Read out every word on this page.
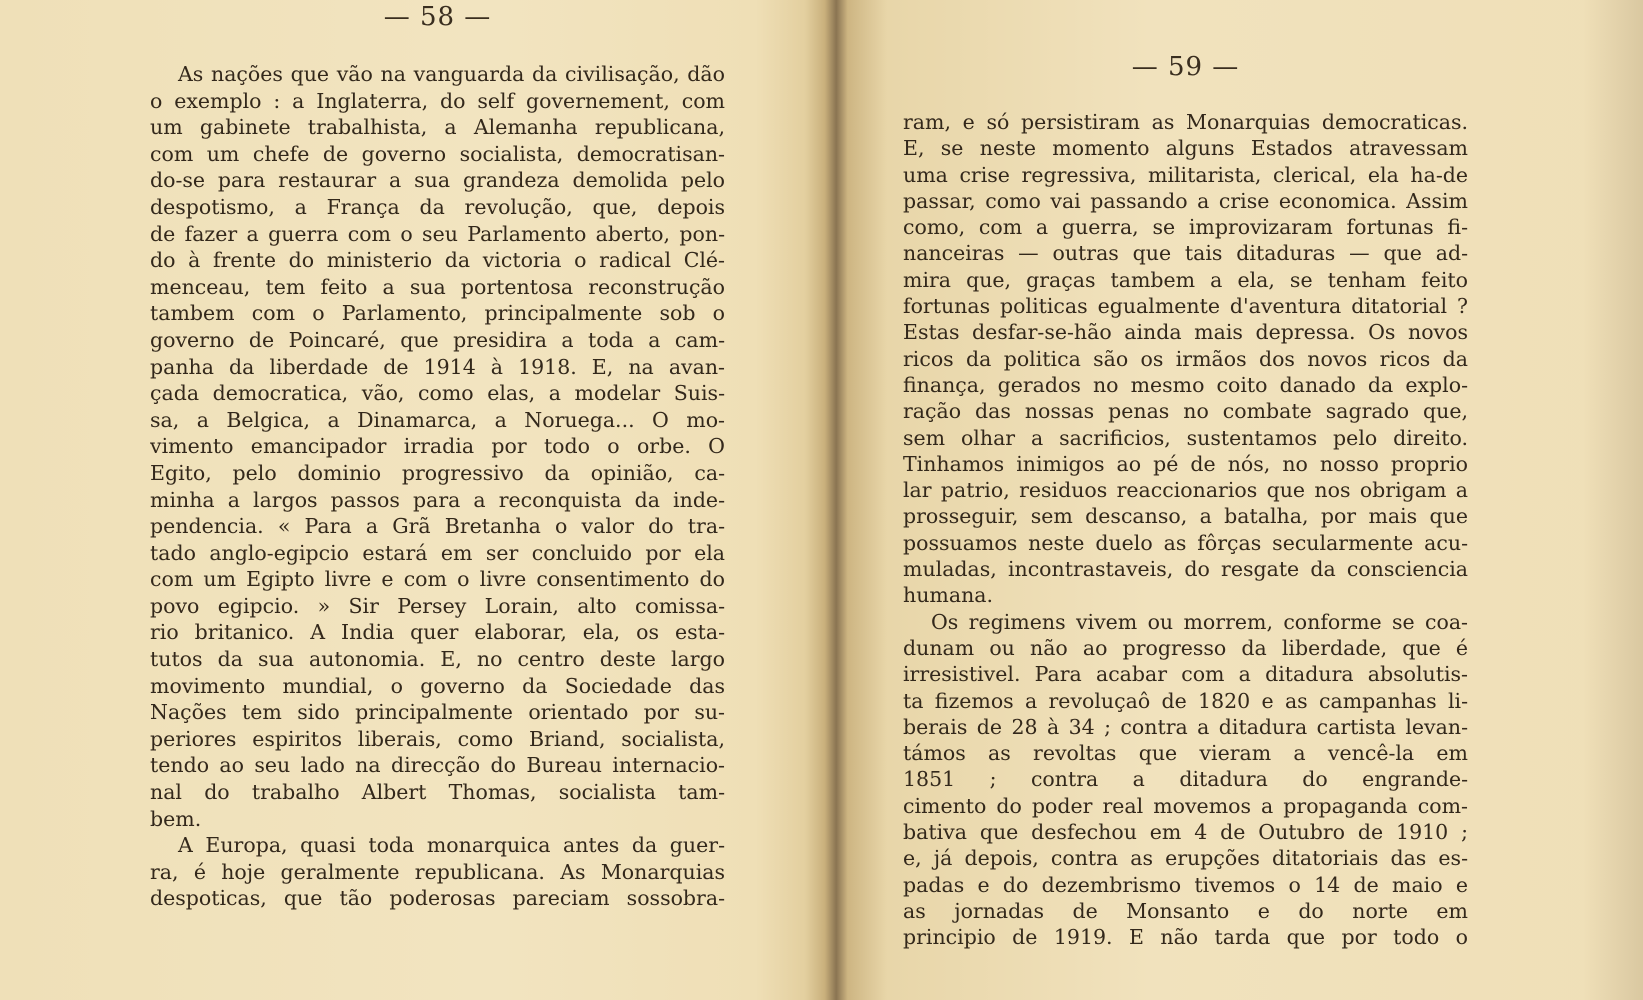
— 58 —
As nações que vão na vanguarda da civilisação, dão
o exemplo : a Inglaterra, do self governement, com
um gabinete trabalhista, a Alemanha republicana,
com um chefe de governo socialista, democratisan-
do-se para restaurar a sua grandeza demolida pelo
despotismo, a França da revolução, que, depois
de fazer a guerra com o seu Parlamento aberto, pon-
do à frente do ministerio da victoria o radical Clé-
menceau, tem feito a sua portentosa reconstrução
tambem com o Parlamento, principalmente sob o
governo de Poincaré, que presidira a toda a cam-
panha da liberdade de 1914 à 1918. E, na avan-
çada democratica, vão, como elas, a modelar Suis-
sa, a Belgica, a Dinamarca, a Noruega... O mo-
vimento emancipador irradia por todo o orbe. O
Egito, pelo dominio progressivo da opinião, ca-
minha a largos passos para a reconquista da inde-
pendencia. « Para a Grã Bretanha o valor do tra-
tado anglo-egipcio estará em ser concluido por ela
com um Egipto livre e com o livre consentimento do
povo egipcio. » Sir Persey Lorain, alto comissa-
rio britanico. A India quer elaborar, ela, os esta-
tutos da sua autonomia. E, no centro deste largo
movimento mundial, o governo da Sociedade das
Nações tem sido principalmente orientado por su-
periores espiritos liberais, como Briand, socialista,
tendo ao seu lado na direcção do Bureau internacio-
nal do trabalho Albert Thomas, socialista tam-
bem.
A Europa, quasi toda monarquica antes da guer-
ra, é hoje geralmente republicana. As Monarquias
despoticas, que tão poderosas pareciam sossobra-
— 59 —
ram, e só persistiram as Monarquias democraticas.
E, se neste momento alguns Estados atravessam
uma crise regressiva, militarista, clerical, ela ha-de
passar, como vai passando a crise economica. Assim
como, com a guerra, se improvizaram fortunas fi-
nanceiras — outras que tais ditaduras — que ad-
mira que, graças tambem a ela, se tenham feito
fortunas politicas egualmente d'aventura ditatorial ?
Estas desfar-se-hão ainda mais depressa. Os novos
ricos da politica são os irmãos dos novos ricos da
finança, gerados no mesmo coito danado da explo-
ração das nossas penas no combate sagrado que,
sem olhar a sacrificios, sustentamos pelo direito.
Tinhamos inimigos ao pé de nós, no nosso proprio
lar patrio, residuos reaccionarios que nos obrigam a
prosseguir, sem descanso, a batalha, por mais que
possuamos neste duelo as fôrças secularmente acu-
muladas, incontrastaveis, do resgate da consciencia
humana.
Os regimens vivem ou morrem, conforme se coa-
dunam ou não ao progresso da liberdade, que é
irresistivel. Para acabar com a ditadura absolutis-
ta fizemos a revoluçaô de 1820 e as campanhas li-
berais de 28 à 34 ; contra a ditadura cartista levan-
támos as revoltas que vieram a vencê-la em
1851 ; contra a ditadura do engrande-
cimento do poder real movemos a propaganda com-
bativa que desfechou em 4 de Outubro de 1910 ;
e, já depois, contra as erupções ditatoriais das es-
padas e do dezembrismo tivemos o 14 de maio e
as jornadas de Monsanto e do norte em
principio de 1919. E não tarda que por todo o
